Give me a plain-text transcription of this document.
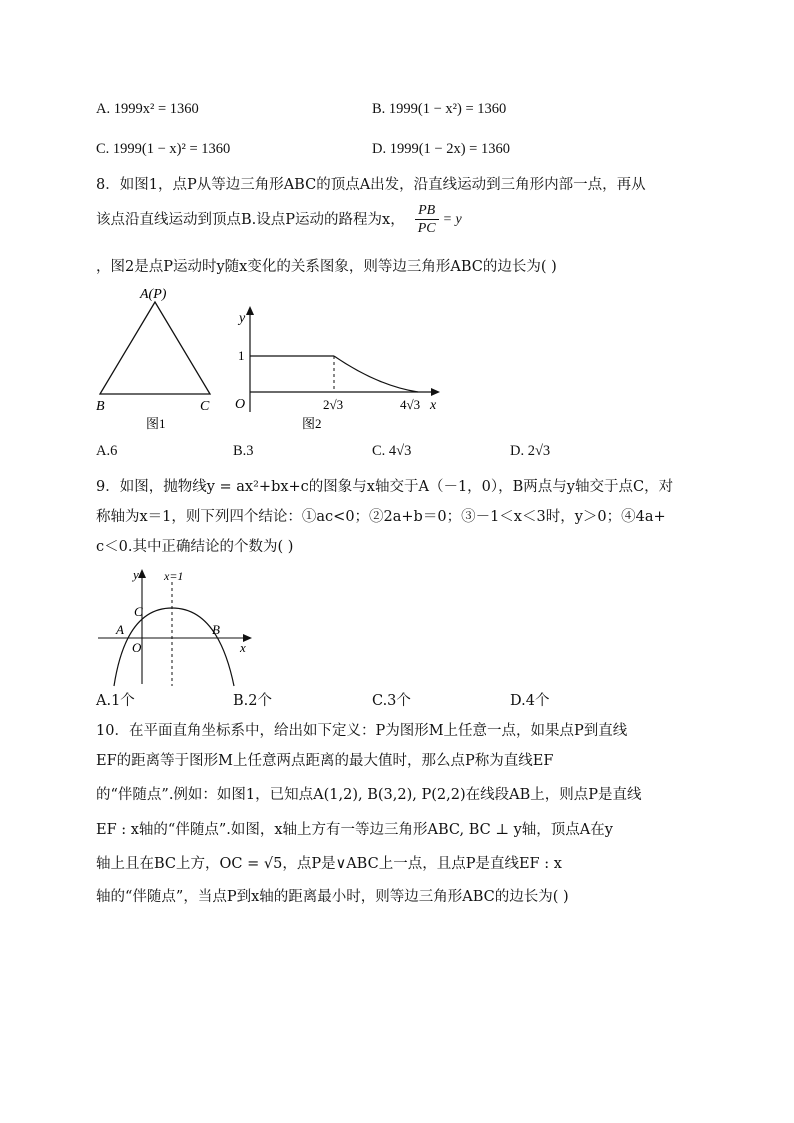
A. 1999x² = 1360	B. 1999(1 − x²) = 1360
C. 1999(1 − x)² = 1360	D. 1999(1 − 2x) = 1360
8．如图1，点P从等边三角形ABC的顶点A出发，沿直线运动到三角形内部一点，再从
该点沿直线运动到顶点B.设点P运动的路程为x， $\frac{PB}{PC} = y$
，图2是点P运动时y随x变化的关系图象，则等边三角形ABC的边长为( )
A(P)
B	C
图1
y
1
O	2√3	4√3 x
图2
A.6	B.3	C. 4√3	D. 2√3
9．如图，抛物线y = ax²+bx+c的图象与x轴交于A（－1，0），B两点与y轴交于点C，对
称轴为x＝1，则下列四个结论：①ac<0；②2a+b＝0；③－1＜x＜3时，y＞0；④4a+
c＜0.其中正确结论的个数为( )
y x=1
C
A	B
O	x
A.1个	B.2个	C.3个	D.4个
10．在平面直角坐标系中，给出如下定义：P为图形M上任意一点，如果点P到直线
EF的距离等于图形M上任意两点距离的最大值时，那么点P称为直线EF
的“伴随点”.例如：如图1，已知点A(1,2), B(3,2), P(2,2)在线段AB上，则点P是直线
EF : x轴的“伴随点”.如图，x轴上方有一等边三角形ABC, BC ⊥ y轴，顶点A在y
轴上且在BC上方，OC = √5，点P是∨ABC上一点，且点P是直线EF : x
轴的“伴随点”，当点P到x轴的距离最小时，则等边三角形ABC的边长为( )
